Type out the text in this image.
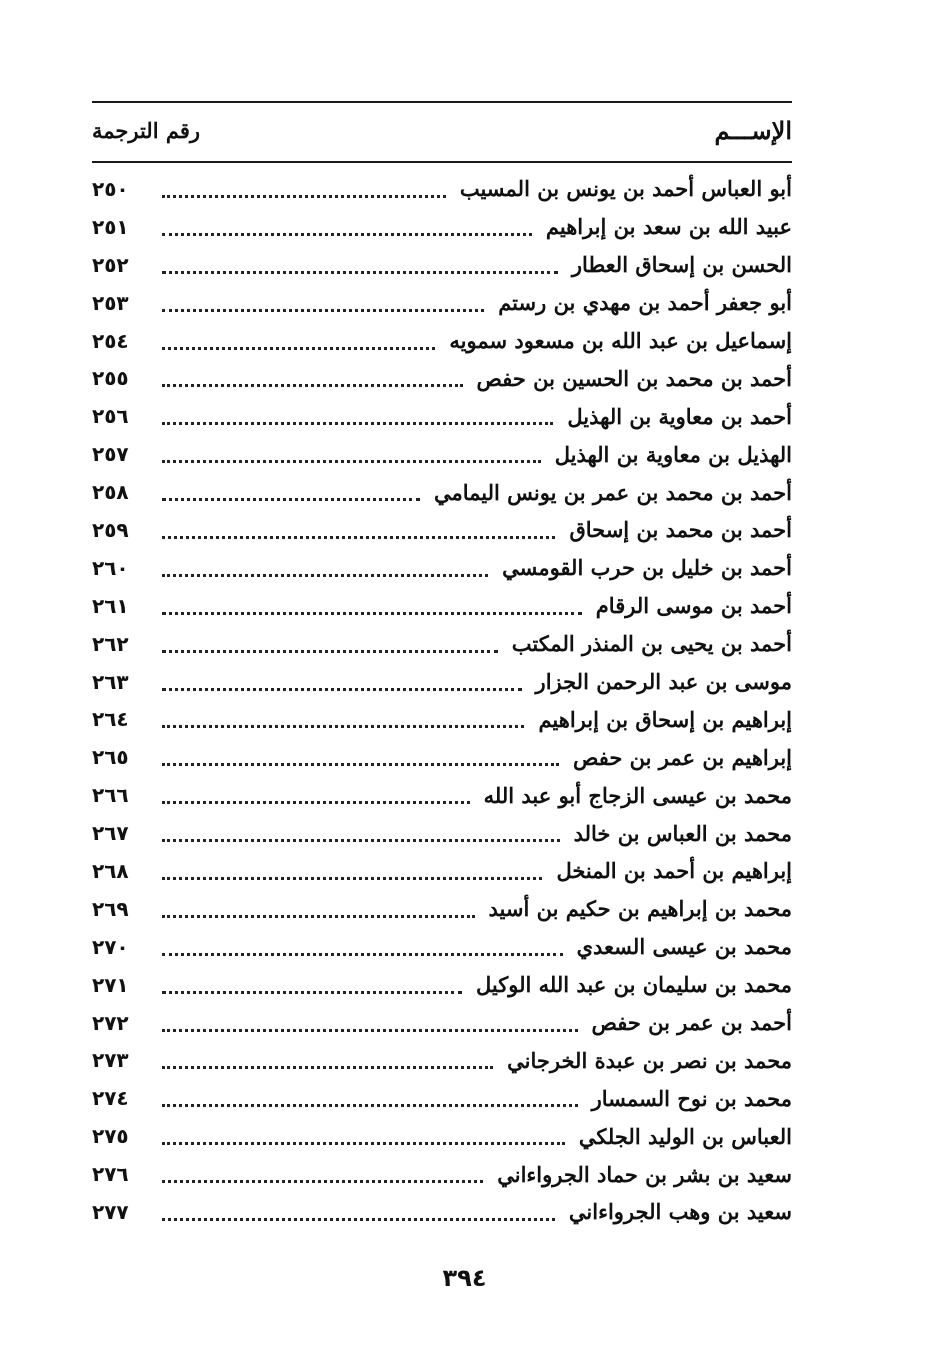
الإســـم
رقم الترجمة
أبو العباس أحمد بن يونس بن المسيب
٢٥٠
عبيد الله بن سعد بن إبراهيم
٢٥١
الحسن بن إسحاق العطار
٢٥٢
أبو جعفر أحمد بن مهدي بن رستم
٢٥٣
إسماعيل بن عبد الله بن مسعود سمويه
٢٥٤
أحمد بن محمد بن الحسين بن حفص
٢٥٥
أحمد بن معاوية بن الهذيل
٢٥٦
الهذيل بن معاوية بن الهذيل
٢٥٧
أحمد بن محمد بن عمر بن يونس اليمامي
٢٥٨
أحمد بن محمد بن إسحاق
٢٥٩
أحمد بن خليل بن حرب القومسي
٢٦٠
أحمد بن موسى الرقام
٢٦١
أحمد بن يحيى بن المنذر المكتب
٢٦٢
موسى بن عبد الرحمن الجزار
٢٦٣
إبراهيم بن إسحاق بن إبراهيم
٢٦٤
إبراهيم بن عمر بن حفص
٢٦٥
محمد بن عيسى الزجاج أبو عبد الله
٢٦٦
محمد بن العباس بن خالد
٢٦٧
إبراهيم بن أحمد بن المنخل
٢٦٨
محمد بن إبراهيم بن حكيم بن أسيد
٢٦٩
محمد بن عيسى السعدي
٢٧٠
محمد بن سليمان بن عبد الله الوكيل
٢٧١
أحمد بن عمر بن حفص
٢٧٢
محمد بن نصر بن عبدة الخرجاني
٢٧٣
محمد بن نوح السمسار
٢٧٤
العباس بن الوليد الجلكي
٢٧٥
سعيد بن بشر بن حماد الجرواءاني
٢٧٦
سعيد بن وهب الجرواءاني
٢٧٧
٣٩٤
